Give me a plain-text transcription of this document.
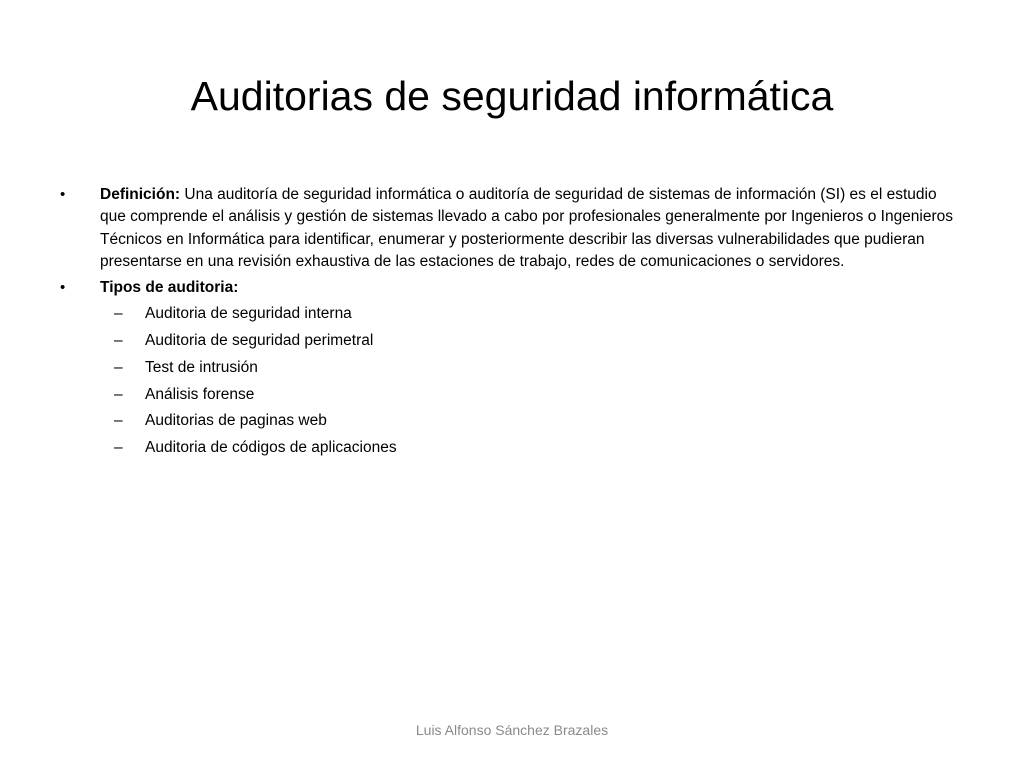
Auditorias de seguridad informática
•	Definición: Una auditoría de seguridad informática o auditoría de seguridad de sistemas de información (SI) es el estudio que comprende el análisis y gestión de sistemas llevado a cabo por profesionales generalmente por Ingenieros o Ingenieros Técnicos en Informática para identificar, enumerar y posteriormente describir las diversas vulnerabilidades que pudieran presentarse en una revisión exhaustiva de las estaciones de trabajo, redes de comunicaciones o servidores.
•	Tipos de auditoria:
– Auditoria de seguridad interna
– Auditoria de seguridad perimetral
– Test de intrusión
– Análisis forense
– Auditorias de paginas web
– Auditoria de códigos de aplicaciones
Luis Alfonso Sánchez Brazales
